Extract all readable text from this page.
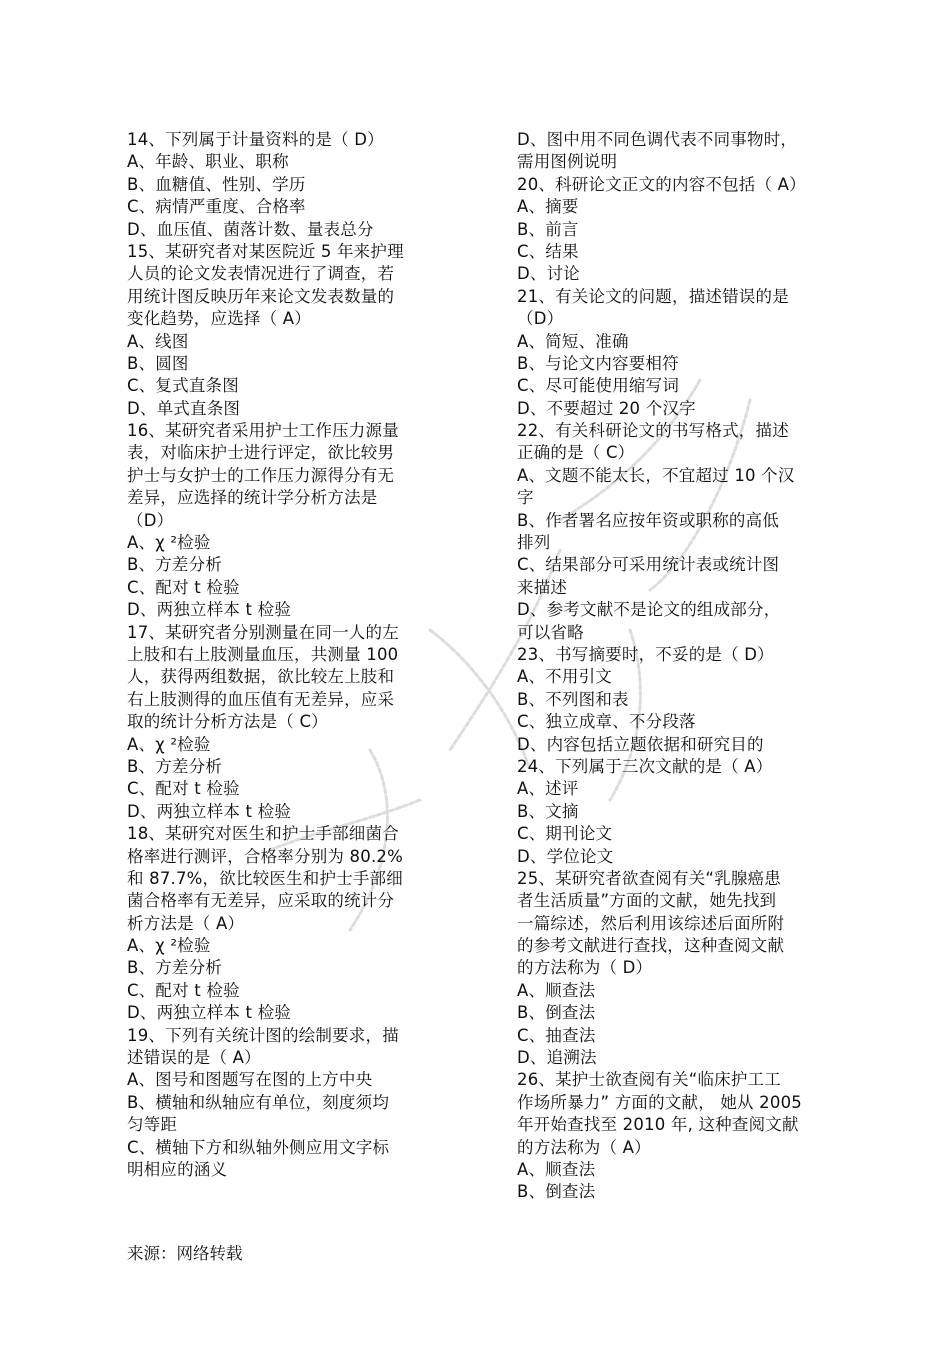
14、下列属于计量资料的是（ D）
A、年龄、职业、职称
B、血糖值、性别、学历
C、病情严重度、合格率
D、血压值、菌落计数、量表总分
15、某研究者对某医院近 5 年来护理
人员的论文发表情况进行了调查，若
用统计图反映历年来论文发表数量的
变化趋势，应选择（ A）
A、线图
B、圆图
C、复式直条图
D、单式直条图
16、某研究者采用护士工作压力源量
表，对临床护士进行评定，欲比较男
护士与女护士的工作压力源得分有无
差异，应选择的统计学分析方法是
（D）
A、χ ²检验
B、方差分析
C、配对 t 检验
D、两独立样本 t 检验
17、某研究者分别测量在同一人的左
上肢和右上肢测量血压，共测量 100
人，获得两组数据，欲比较左上肢和
右上肢测得的血压值有无差异，应采
取的统计分析方法是（ C）
A、χ ²检验
B、方差分析
C、配对 t 检验
D、两独立样本 t 检验
18、某研究对医生和护士手部细菌合
格率进行测评，合格率分别为 80.2%
和 87.7%，欲比较医生和护士手部细
菌合格率有无差异，应采取的统计分
析方法是（ A）
A、χ ²检验
B、方差分析
C、配对 t 检验
D、两独立样本 t 检验
19、下列有关统计图的绘制要求，描
述错误的是（ A）
A、图号和图题写在图的上方中央
B、横轴和纵轴应有单位，刻度须均
匀等距
C、横轴下方和纵轴外侧应用文字标
明相应的涵义
D、图中用不同色调代表不同事物时，
需用图例说明
20、科研论文正文的内容不包括（ A）
A、摘要
B、前言
C、结果
D、讨论
21、有关论文的问题，描述错误的是
（D）
A、简短、准确
B、与论文内容要相符
C、尽可能使用缩写词
D、不要超过 20 个汉字
22、有关科研论文的书写格式，描述
正确的是（ C）
A、文题不能太长，不宜超过 10 个汉
字
B、作者署名应按年资或职称的高低
排列
C、结果部分可采用统计表或统计图
来描述
D、参考文献不是论文的组成部分，
可以省略
23、书写摘要时，不妥的是（ D）
A、不用引文
B、不列图和表
C、独立成章、不分段落
D、内容包括立题依据和研究目的
24、下列属于三次文献的是（ A）
A、述评
B、文摘
C、期刊论文
D、学位论文
25、某研究者欲查阅有关“乳腺癌患
者生活质量”方面的文献，她先找到
一篇综述，然后利用该综述后面所附
的参考文献进行查找，这种查阅文献
的方法称为（ D）
A、顺查法
B、倒查法
C、抽查法
D、追溯法
26、某护士欲查阅有关“临床护工工
作场所暴力” 方面的文献， 她从 2005
年开始查找至 2010 年, 这种查阅文献
的方法称为（ A）
A、顺查法
B、倒查法
来源：网络转载
